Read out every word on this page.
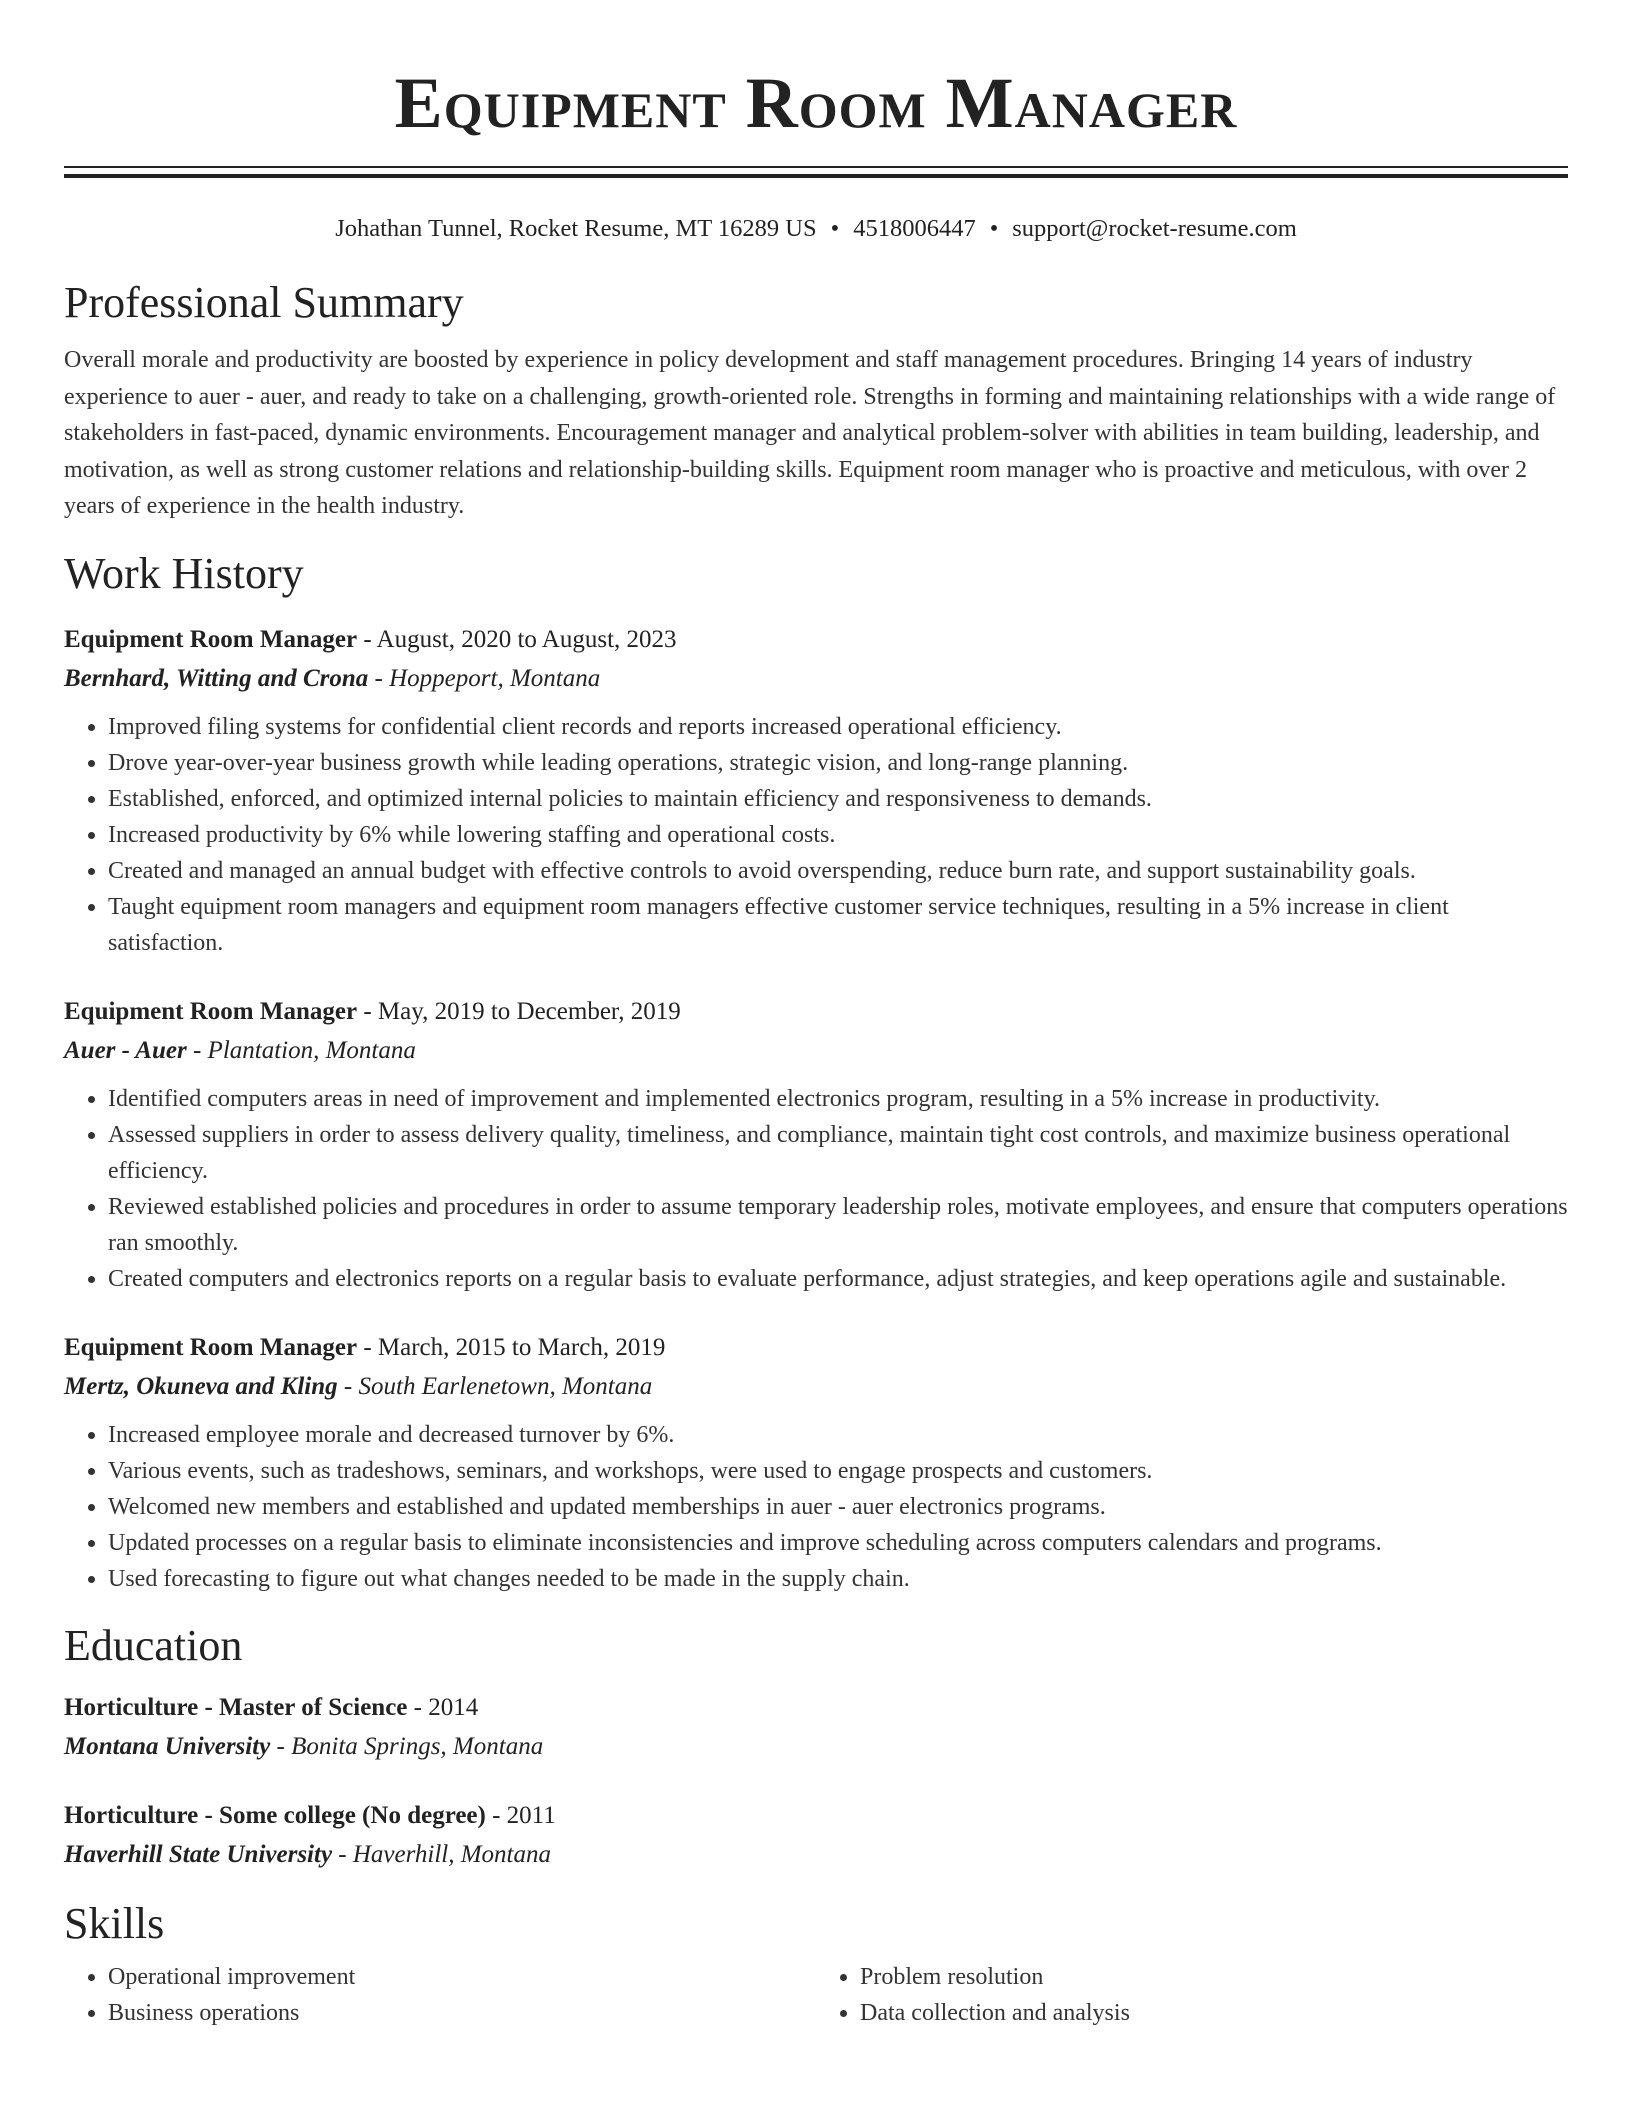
Equipment Room Manager
Johathan Tunnel, Rocket Resume, MT 16289 US • 4518006447 • support@rocket-resume.com
Professional Summary
Overall morale and productivity are boosted by experience in policy development and staff management procedures. Bringing 14 years of industry experience to auer - auer, and ready to take on a challenging, growth-oriented role. Strengths in forming and maintaining relationships with a wide range of stakeholders in fast-paced, dynamic environments. Encouragement manager and analytical problem-solver with abilities in team building, leadership, and motivation, as well as strong customer relations and relationship-building skills. Equipment room manager who is proactive and meticulous, with over 2 years of experience in the health industry.
Work History
Equipment Room Manager - August, 2020 to August, 2023
Bernhard, Witting and Crona - Hoppeport, Montana
• Improved filing systems for confidential client records and reports increased operational efficiency.
• Drove year-over-year business growth while leading operations, strategic vision, and long-range planning.
• Established, enforced, and optimized internal policies to maintain efficiency and responsiveness to demands.
• Increased productivity by 6% while lowering staffing and operational costs.
• Created and managed an annual budget with effective controls to avoid overspending, reduce burn rate, and support sustainability goals.
• Taught equipment room managers and equipment room managers effective customer service techniques, resulting in a 5% increase in client satisfaction.
Equipment Room Manager - May, 2019 to December, 2019
Auer - Auer - Plantation, Montana
• Identified computers areas in need of improvement and implemented electronics program, resulting in a 5% increase in productivity.
• Assessed suppliers in order to assess delivery quality, timeliness, and compliance, maintain tight cost controls, and maximize business operational efficiency.
• Reviewed established policies and procedures in order to assume temporary leadership roles, motivate employees, and ensure that computers operations ran smoothly.
• Created computers and electronics reports on a regular basis to evaluate performance, adjust strategies, and keep operations agile and sustainable.
Equipment Room Manager - March, 2015 to March, 2019
Mertz, Okuneva and Kling - South Earlenetown, Montana
• Increased employee morale and decreased turnover by 6%.
• Various events, such as tradeshows, seminars, and workshops, were used to engage prospects and customers.
• Welcomed new members and established and updated memberships in auer - auer electronics programs.
• Updated processes on a regular basis to eliminate inconsistencies and improve scheduling across computers calendars and programs.
• Used forecasting to figure out what changes needed to be made in the supply chain.
Education
Horticulture - Master of Science - 2014
Montana University - Bonita Springs, Montana
Horticulture - Some college (No degree) - 2011
Haverhill State University - Haverhill, Montana
Skills
• Operational improvement
• Business operations
• Problem resolution
• Data collection and analysis
